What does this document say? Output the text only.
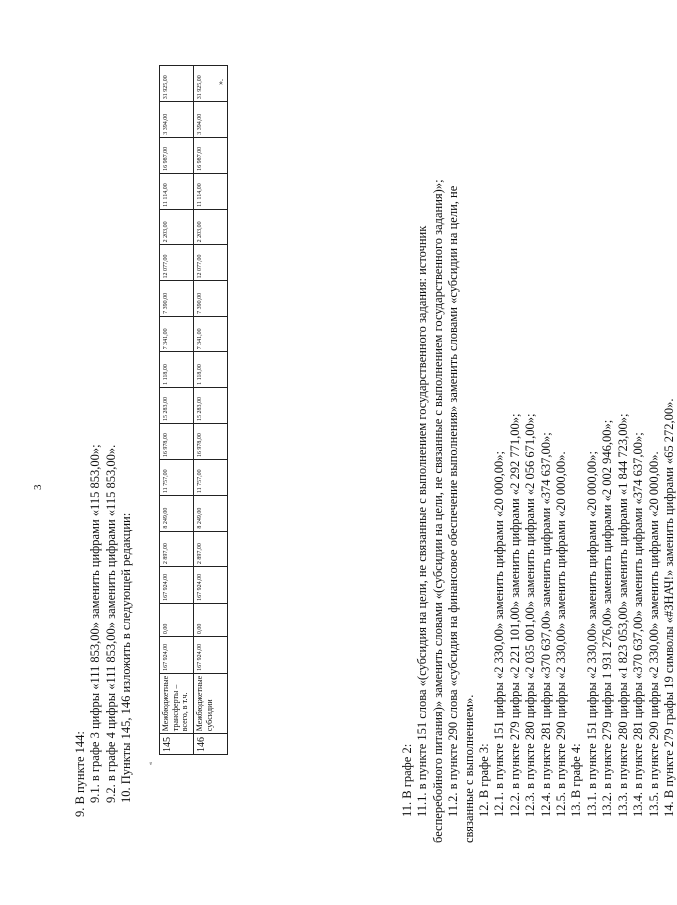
3
9. В пункте 144: 9.1. в графе 3 цифры «111 853,00» заменить цифрами «115 853,00»; 9.2. в графе 4 цифры «111 853,00» заменить цифрами «115 853,00». 10. Пункты 145, 146 изложить в следующей редакции: «
145	Межбюджетные трансферты – всего, в т.ч.	167 924,00	0,00	167 924,00	2 897,00	8 249,00	11 757,00	16 978,00	15 283,00	1 118,00	7 341,00	7 390,00	12 077,00	2 203,00	11 114,00	16 987,00	3 394,00	31 925,00
146	Межбюджетные субсидии	167 924,00	0,00	167 924,00	2 897,00	8 249,00	11 757,00	16 978,00	15 283,00	1 118,00	7 341,00	7 390,00	12 077,00	2 203,00	11 114,00	16 987,00	3 394,00	31 925,00 ».
11. В графе 2: 11.1. в пункте 151 слова «(субсидия на цели, не связанные с выполнением государственного задания: источник бесперебойного питания)» заменить словами «(субсидии на цели, не связанные с выполнением государственного задания)»; 11.2. в пункте 290 слова «субсидия на финансовое обеспечение выполнения» заменить словами «субсидии на цели, не связанные с выполнением». 12. В графе 3: 12.1. в пункте 151 цифры «2 330,00» заменить цифрами «20 000,00»; 12.2. в пункте 279 цифры «2 221 101,00» заменить цифрами «2 292 771,00»; 12.3. в пункте 280 цифры «2 035 001,00» заменить цифрами «2 056 671,00»; 12.4. в пункте 281 цифры «370 637,00» заменить цифрами «374 637,00»; 12.5. в пункте 290 цифры «2 330,00» заменить цифрами «20 000,00». 13. В графе 4: 13.1. в пункте 151 цифры «2 330,00» заменить цифрами «20 000,00»; 13.2. в пункте 279 цифры 1 931 276,00» заменить цифрами «2 002 946,00»; 13.3. в пункте 280 цифры «1 823 053,00» заменить цифрами «1 844 723,00»; 13.4. в пункте 281 цифры «370 637,00» заменить цифрами «374 637,00»; 13.5. в пункте 290 цифры «2 330,00» заменить цифрами «20 000,00». 14. В пункте 279 графы 19 символы «#ЗНАЧ!» заменить цифрами «65 272,00».
